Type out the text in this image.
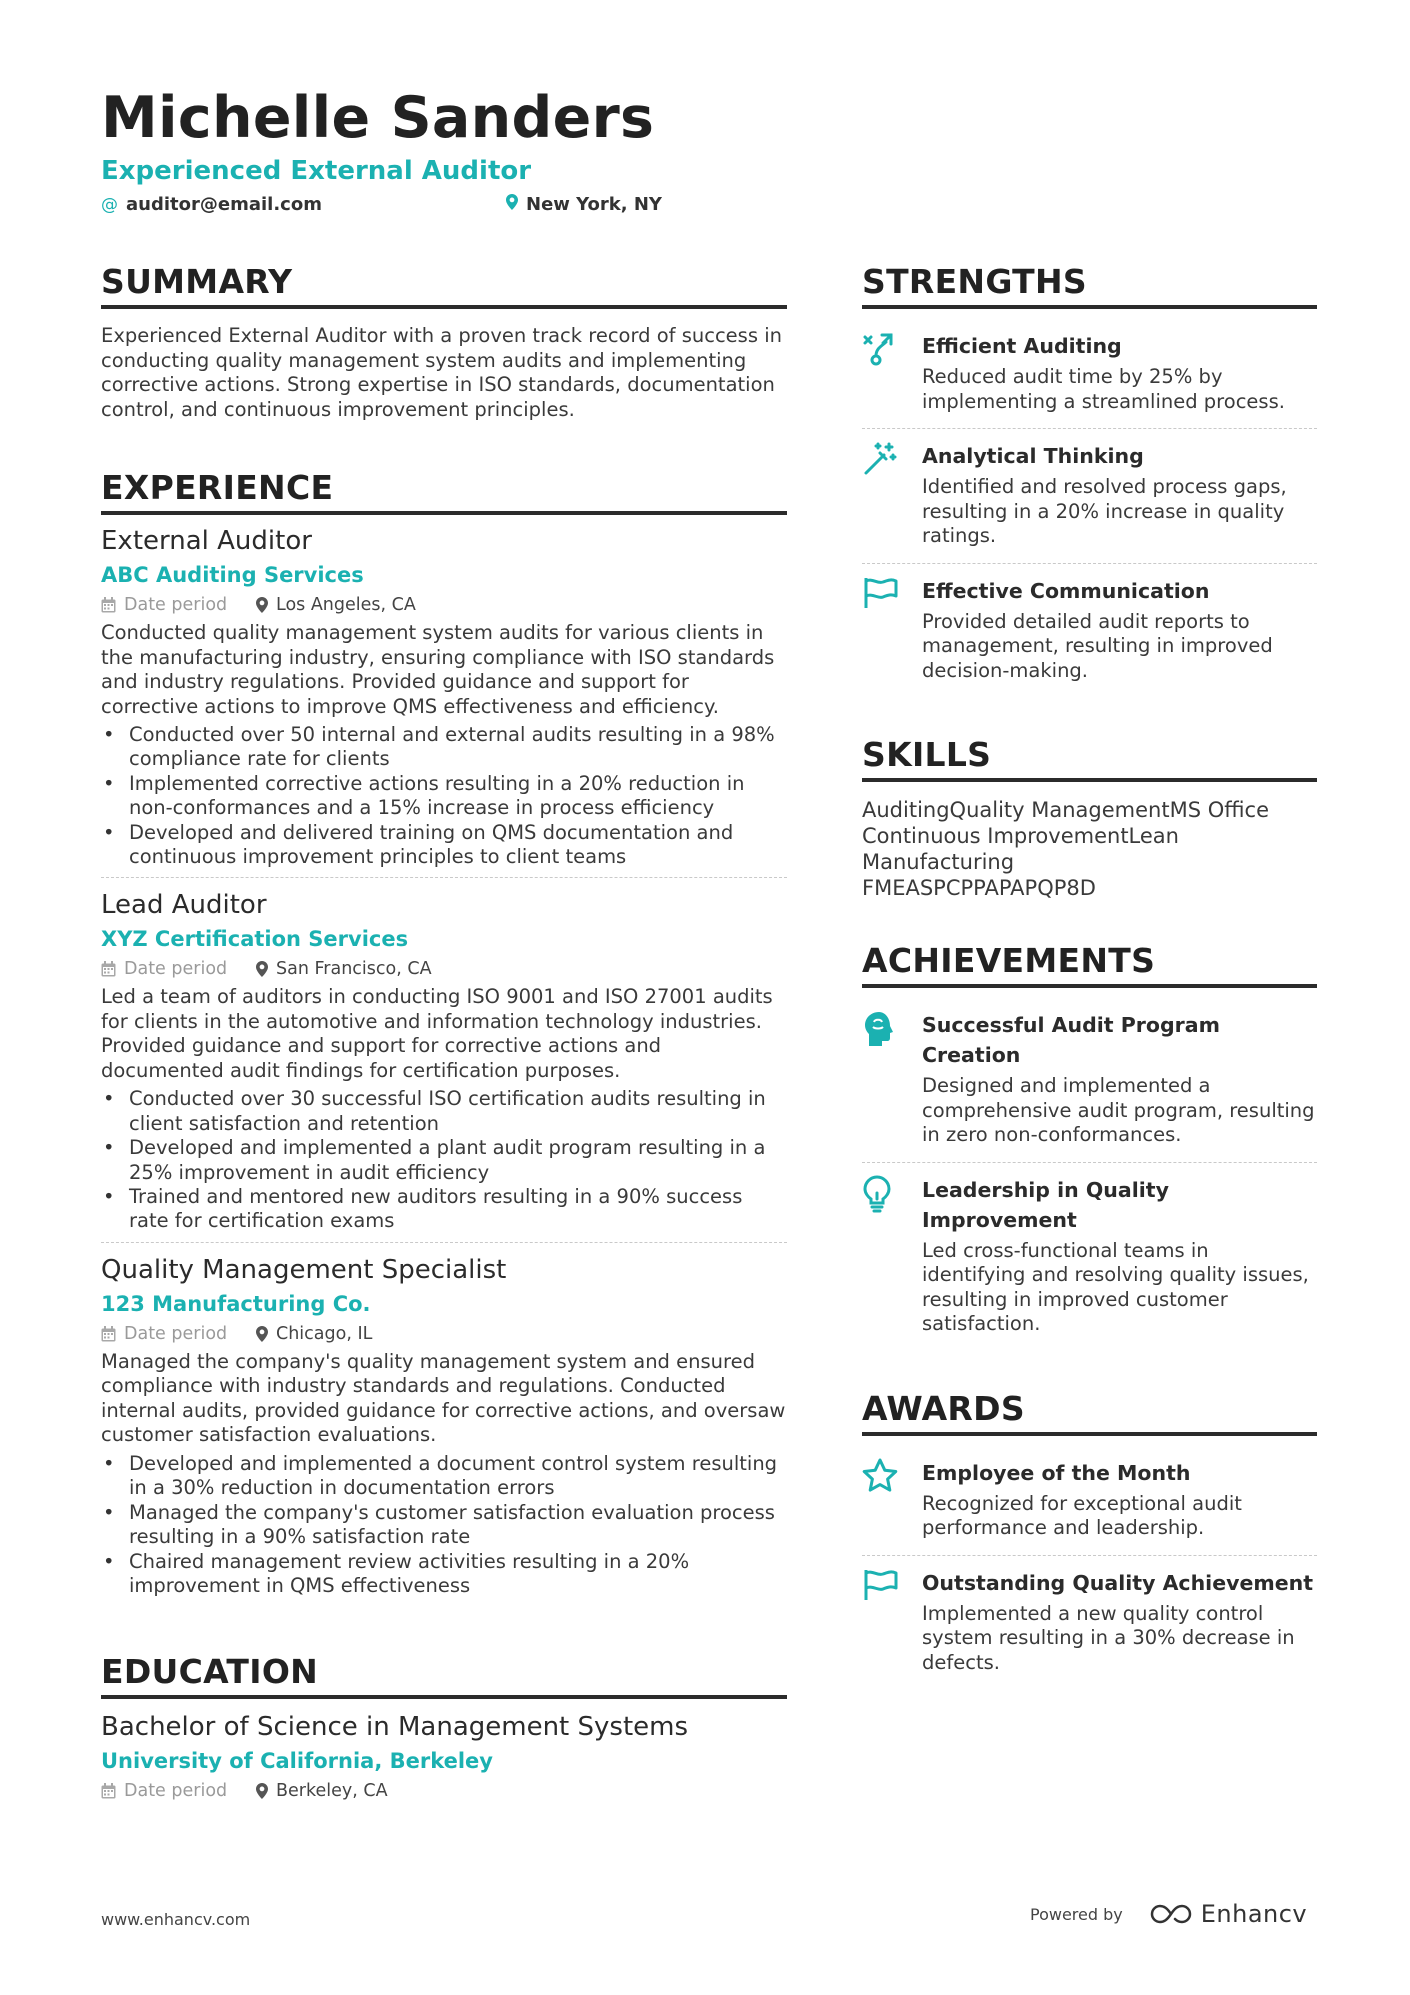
Michelle Sanders
Experienced External Auditor
@ auditor@email.com	New York, NY
SUMMARY

Experienced External Auditor with a proven track record of success in conducting quality management system audits and implementing corrective actions. Strong expertise in ISO standards, documentation control, and continuous improvement principles.

EXPERIENCE
External Auditor
ABC Auditing Services
Date period	Los Angeles, CA

Conducted quality management system audits for various clients in the manufacturing industry, ensuring compliance with ISO standards and industry regulations. Provided guidance and support for corrective actions to improve QMS effectiveness and efficiency.

• Conducted over 50 internal and external audits resulting in a 98% compliance rate for clients
• Implemented corrective actions resulting in a 20% reduction in non-conformances and a 15% increase in process efficiency
• Developed and delivered training on QMS documentation and continuous improvement principles to client teams
Lead Auditor
XYZ Certification Services
Date period	San Francisco, CA

Led a team of auditors in conducting ISO 9001 and ISO 27001 audits for clients in the automotive and information technology industries. Provided guidance and support for corrective actions and documented audit findings for certification purposes.

• Conducted over 30 successful ISO certification audits resulting in client satisfaction and retention
• Developed and implemented a plant audit program resulting in a 25% improvement in audit efficiency
• Trained and mentored new auditors resulting in a 90% success rate for certification exams
Quality Management Specialist
123 Manufacturing Co.
Date period	Chicago, IL

Managed the company's quality management system and ensured compliance with industry standards and regulations. Conducted internal audits, provided guidance for corrective actions, and oversaw customer satisfaction evaluations.

• Developed and implemented a document control system resulting in a 30% reduction in documentation errors
• Managed the company's customer satisfaction evaluation process resulting in a 90% satisfaction rate
• Chaired management review activities resulting in a 20% improvement in QMS effectiveness
EDUCATION
Bachelor of Science in Management Systems
University of California, Berkeley
Date period	Berkeley, CA
STRENGTHS
Efficient Auditing
Reduced audit time by 25% by implementing a streamlined process.
Analytical Thinking
Identified and resolved process gaps, resulting in a 20% increase in quality ratings.
Effective Communication
Provided detailed audit reports to management, resulting in improved decision-making.
SKILLS
AuditingQuality ManagementMS Office
Continuous ImprovementLean Manufacturing
FMEASPCPPAPAPQP8D
ACHIEVEMENTS
Successful Audit Program Creation
Designed and implemented a comprehensive audit program, resulting in zero non-conformances.
Leadership in Quality Improvement
Led cross-functional teams in identifying and resolving quality issues, resulting in improved customer satisfaction.
AWARDS
Employee of the Month
Recognized for exceptional audit performance and leadership.
Outstanding Quality Achievement
Implemented a new quality control system resulting in a 30% decrease in defects.
www.enhancv.com	Powered by	Enhancv
